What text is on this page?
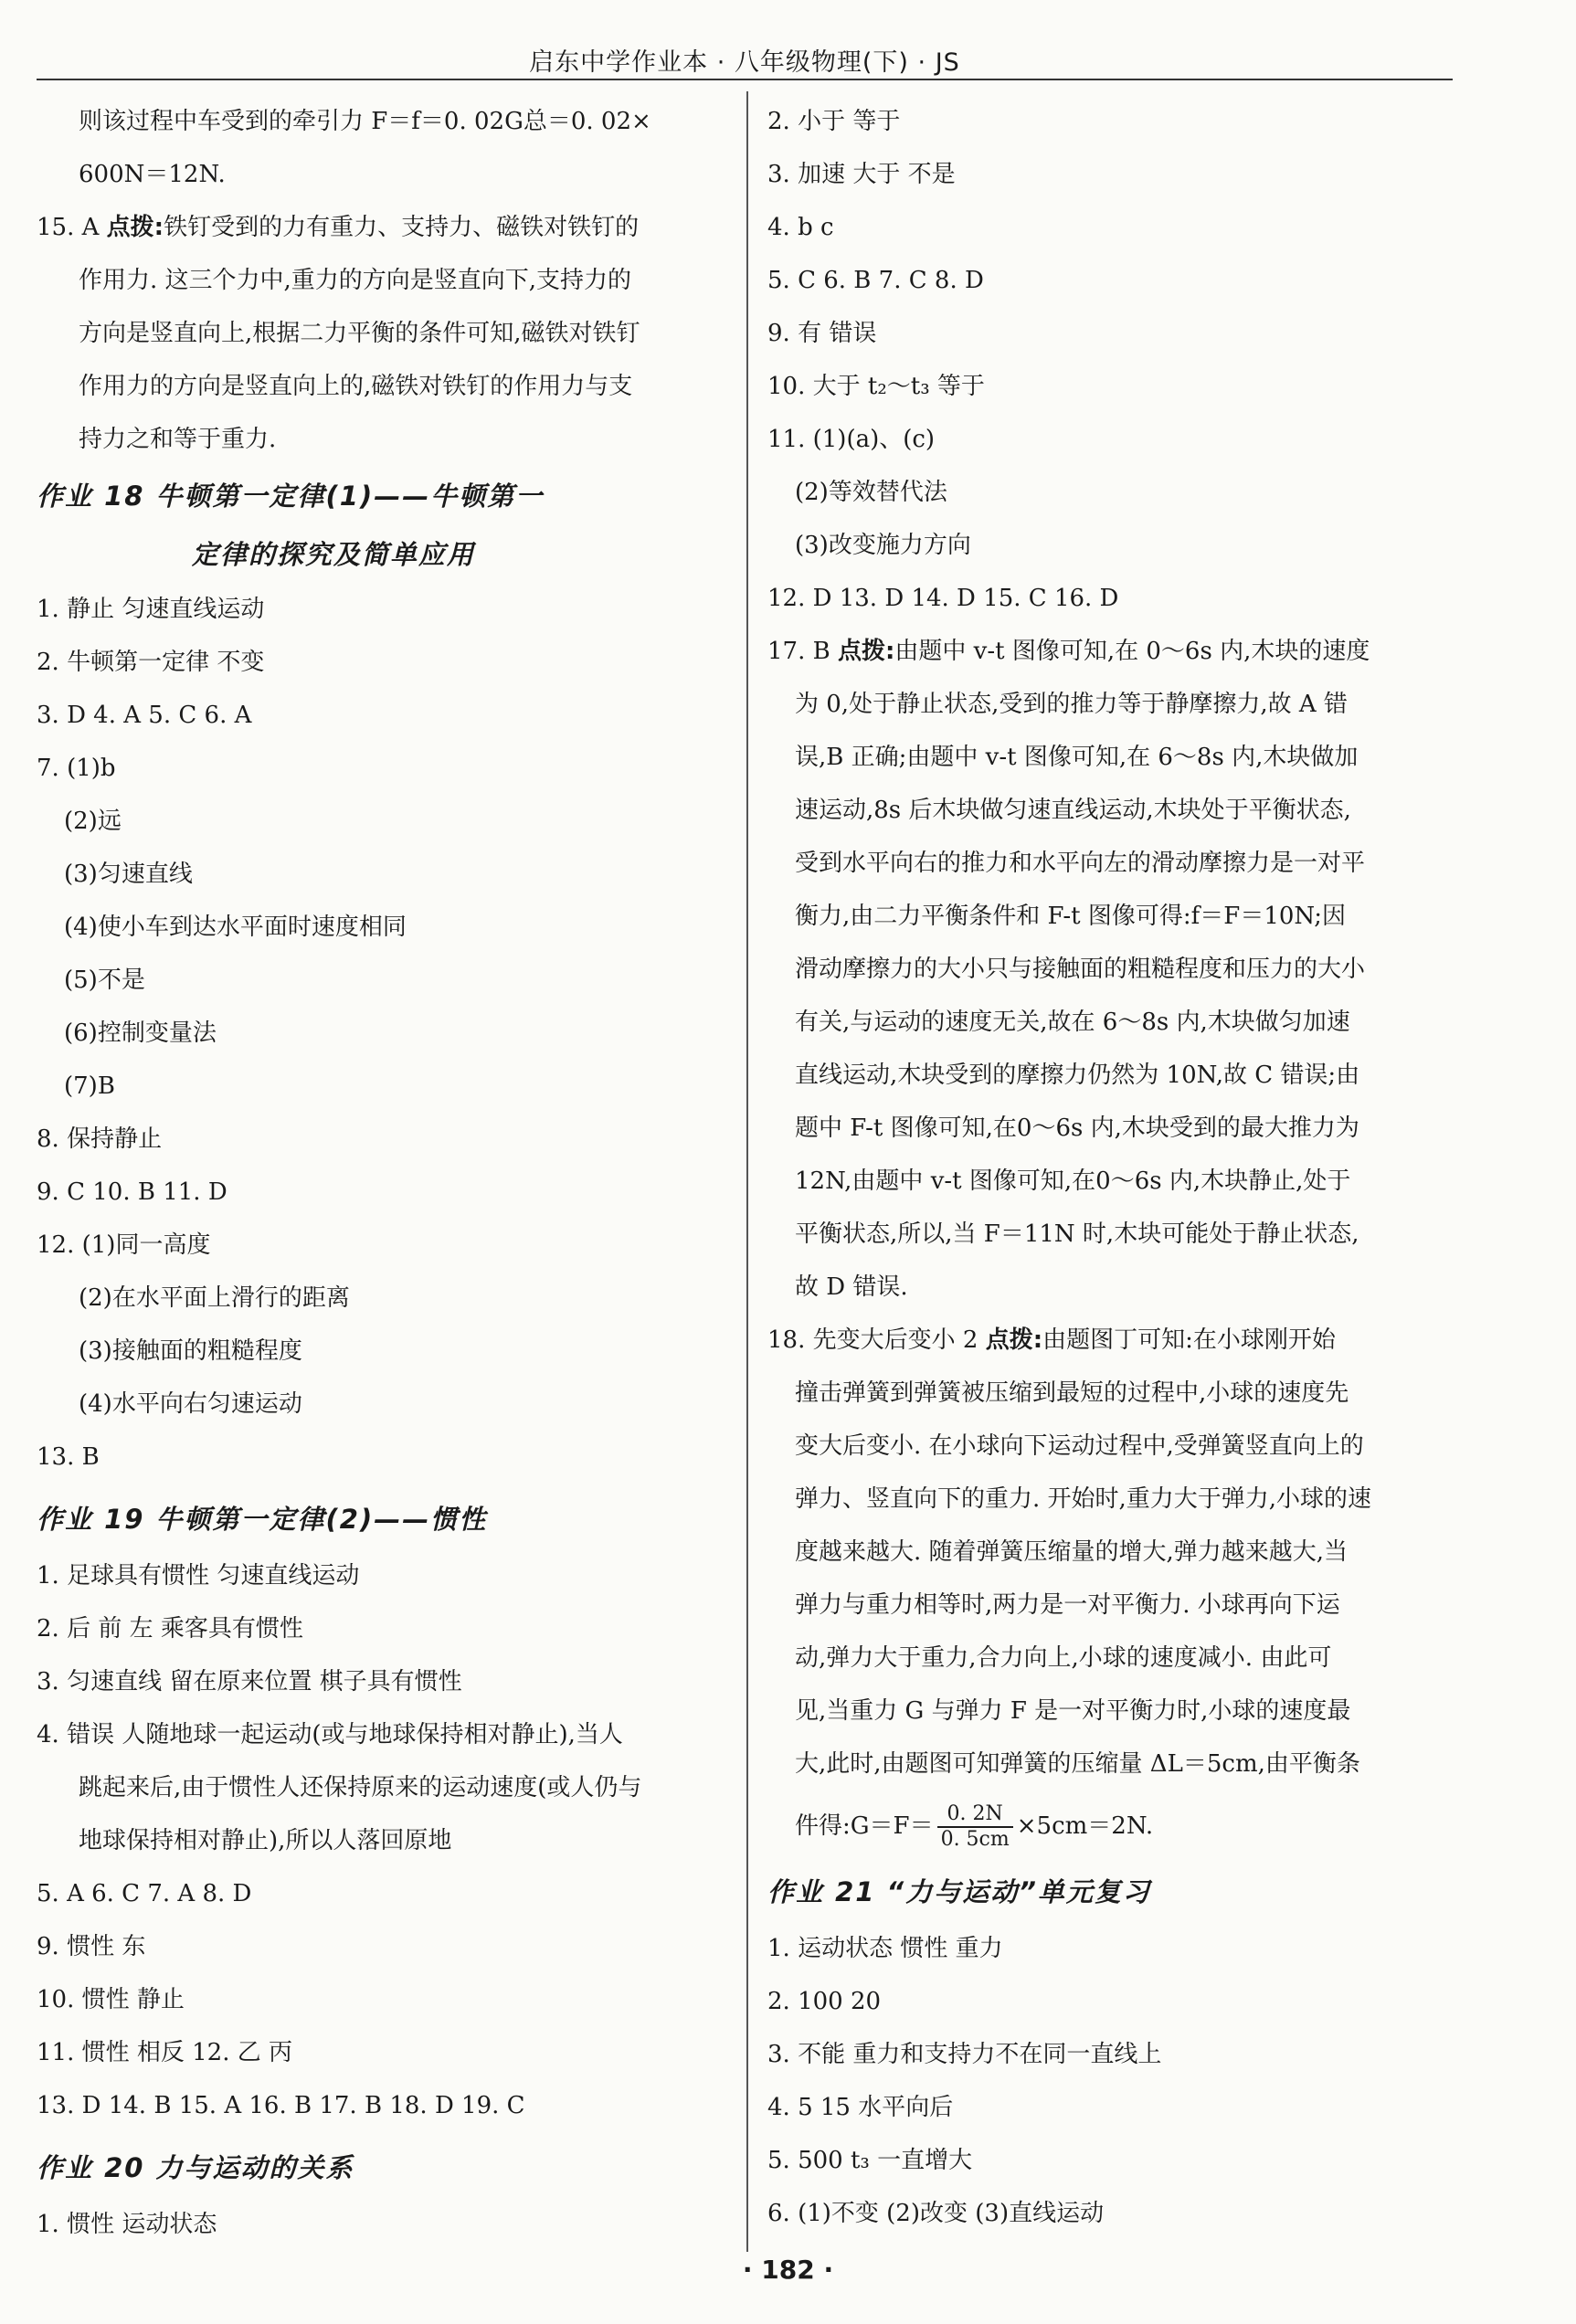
启东中学作业本 · 八年级物理(下) · JS
则该过程中车受到的牵引力 F＝f＝0. 02G总＝0. 02×
600N＝12N.
15. A 点拨:铁钉受到的力有重力、支持力、磁铁对铁钉的
作用力. 这三个力中,重力的方向是竖直向下,支持力的
方向是竖直向上,根据二力平衡的条件可知,磁铁对铁钉
作用力的方向是竖直向上的,磁铁对铁钉的作用力与支
持力之和等于重力.
作业 18 牛顿第一定律(1)——牛顿第一
定律的探究及简单应用
1. 静止 匀速直线运动
2. 牛顿第一定律 不变
3. D 4. A 5. C 6. A
7. (1)b
(2)远
(3)匀速直线
(4)使小车到达水平面时速度相同
(5)不是
(6)控制变量法
(7)B
8. 保持静止
9. C 10. B 11. D
12. (1)同一高度
(2)在水平面上滑行的距离
(3)接触面的粗糙程度
(4)水平向右匀速运动
13. B
作业 19 牛顿第一定律(2)——惯性
1. 足球具有惯性 匀速直线运动
2. 后 前 左 乘客具有惯性
3. 匀速直线 留在原来位置 棋子具有惯性
4. 错误 人随地球一起运动(或与地球保持相对静止),当人
跳起来后,由于惯性人还保持原来的运动速度(或人仍与
地球保持相对静止),所以人落回原地
5. A 6. C 7. A 8. D
9. 惯性 东
10. 惯性 静止
11. 惯性 相反 12. 乙 丙
13. D 14. B 15. A 16. B 17. B 18. D 19. C
作业 20 力与运动的关系
1. 惯性 运动状态
2. 小于 等于
3. 加速 大于 不是
4. b c
5. C 6. B 7. C 8. D
9. 有 错误
10. 大于 t₂～t₃ 等于
11. (1)(a)、(c)
(2)等效替代法
(3)改变施力方向
12. D 13. D 14. D 15. C 16. D
17. B 点拨:由题中 v-t 图像可知,在 0～6s 内,木块的速度
为 0,处于静止状态,受到的推力等于静摩擦力,故 A 错
误,B 正确;由题中 v-t 图像可知,在 6～8s 内,木块做加
速运动,8s 后木块做匀速直线运动,木块处于平衡状态,
受到水平向右的推力和水平向左的滑动摩擦力是一对平
衡力,由二力平衡条件和 F-t 图像可得:f＝F＝10N;因
滑动摩擦力的大小只与接触面的粗糙程度和压力的大小
有关,与运动的速度无关,故在 6～8s 内,木块做匀加速
直线运动,木块受到的摩擦力仍然为 10N,故 C 错误;由
题中 F-t 图像可知,在0～6s 内,木块受到的最大推力为
12N,由题中 v-t 图像可知,在0～6s 内,木块静止,处于
平衡状态,所以,当 F＝11N 时,木块可能处于静止状态,
故 D 错误.
18. 先变大后变小 2 点拨:由题图丁可知:在小球刚开始
撞击弹簧到弹簧被压缩到最短的过程中,小球的速度先
变大后变小. 在小球向下运动过程中,受弹簧竖直向上的
弹力、竖直向下的重力. 开始时,重力大于弹力,小球的速
度越来越大. 随着弹簧压缩量的增大,弹力越来越大,当
弹力与重力相等时,两力是一对平衡力. 小球再向下运
动,弹力大于重力,合力向上,小球的速度减小. 由此可
见,当重力 G 与弹力 F 是一对平衡力时,小球的速度最
大,此时,由题图可知弹簧的压缩量 ΔL＝5cm,由平衡条
件得:G＝F＝ $\frac{0. 2N}{0. 5cm} \times 5cm=2N$.
作业 21 “力与运动”单元复习
1. 运动状态 惯性 重力
2. 100 20
3. 不能 重力和支持力不在同一直线上
4. 5 15 水平向后
5. 500 t₃ 一直增大
6. (1)不变 (2)改变 (3)直线运动
· 182 ·
